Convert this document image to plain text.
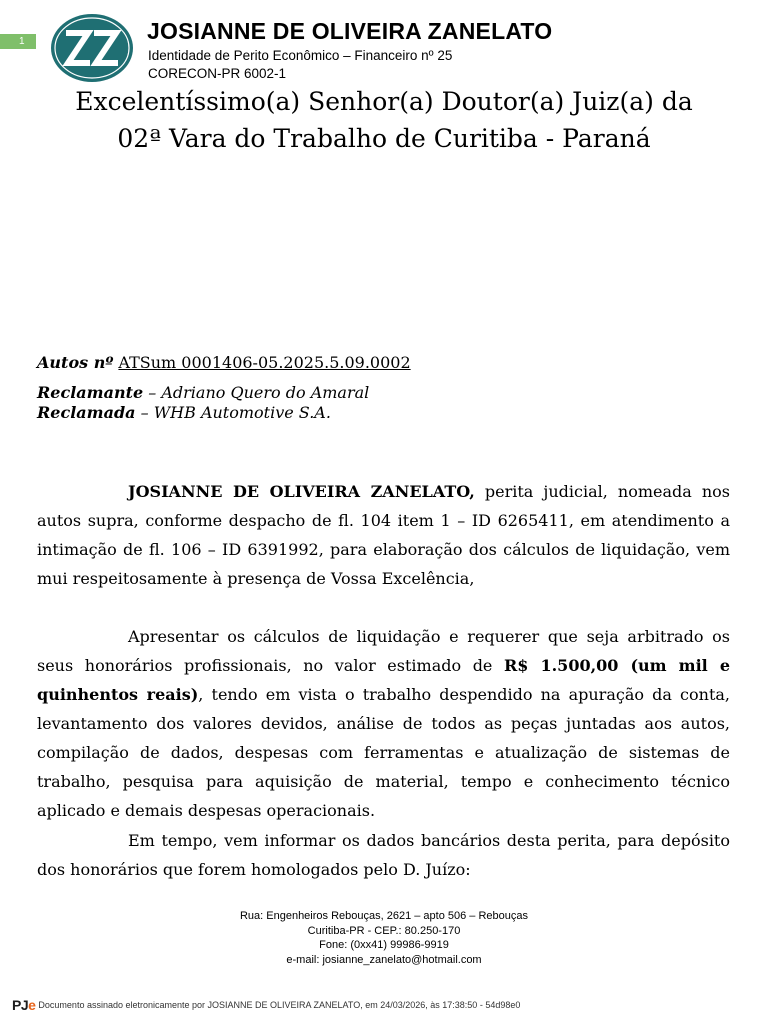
1	JOSIANNE DE OLIVEIRA ZANELATO
Identidade de Perito Econômico – Financeiro nº 25
CORECON-PR 6002-1
Excelentíssimo(a) Senhor(a) Doutor(a) Juiz(a) da
02ª Vara do Trabalho de Curitiba - Paraná
Autos nº ATSum 0001406-05.2025.5.09.0002
Reclamante – Adriano Quero do Amaral
Reclamada – WHB Automotive S.A.

JOSIANNE DE OLIVEIRA ZANELATO, perita judicial, nomeada nos autos supra, conforme despacho de fl. 104 item 1 – ID 6265411, em atendimento a intimação de fl. 106 – ID 6391992, para elaboração dos cálculos de liquidação, vem mui respeitosamente à presença de Vossa Excelência,

Apresentar os cálculos de liquidação e requerer que seja arbitrado os seus honorários profissionais, no valor estimado de R$ 1.500,00 (um mil e quinhentos reais), tendo em vista o trabalho despendido na apuração da conta, levantamento dos valores devidos, análise de todos as peças juntadas aos autos, compilação de dados, despesas com ferramentas e atualização de sistemas de trabalho, pesquisa para aquisição de material, tempo e conhecimento técnico aplicado e demais despesas operacionais.

Em tempo, vem informar os dados bancários desta perita, para depósito dos honorários que forem homologados pelo D. Juízo:

Rua: Engenheiros Rebouças, 2621 – apto 506 – Rebouças
Curitiba-PR - CEP.: 80.250-170
Fone: (0xx41) 99986-9919
e-mail: josianne_zanelato@hotmail.com
PJe Documento assinado eletronicamente por JOSIANNE DE OLIVEIRA ZANELATO, em 24/03/2026, às 17:38:50 - 54d98e0
